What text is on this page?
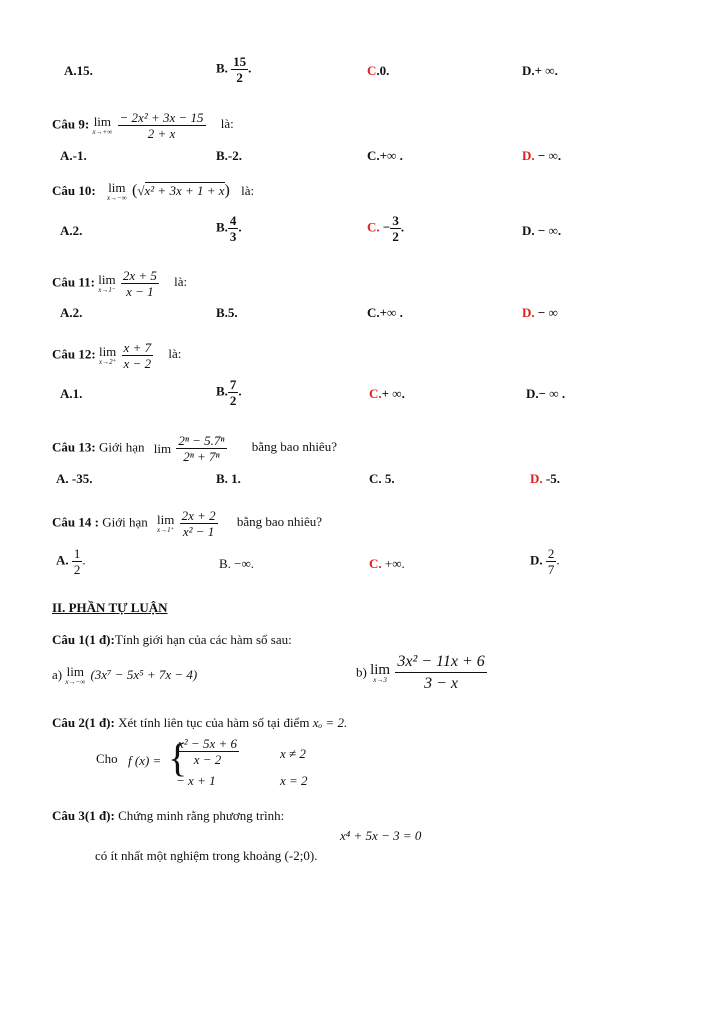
A.15.	B. $\frac{15}{2}$ .	C.0.	D.+ ∞.
Câu 9: lim
x→+∞
$\frac{\text{− 2x² + 3x − 15}}{2 + x}$ là:
A.-1.	B.-2.	C.+∞ .	D. − ∞.
Câu 10: lim
x→−∞ (√x² + 3x + 1 + x) là:
A.2.	B. $\frac{4}{3}$ .	C. − $\frac{3}{2}$ .	D. − ∞.
Câu 11: lim
x→1⁻
$\frac{2x + 5}{x - 1}$ là:
A.2.	B.5.	C.+∞ .	D. − ∞
Câu 12: lim
x→2⁺
$\frac{x + 7}{x - 2}$ là:
A.1.	B. $\frac{7}{2}$ .	C.+ ∞.	D.− ∞ .
Câu 13: Giới hạn $\lim \frac{\text{2ⁿ − 5.7ⁿ}}{\text{2ⁿ + 7ⁿ}}$ bằng bao nhiêu?
A. -35.	B. 1.	C. 5.	D. -5.
Câu 14 : Giới hạn lim
x→1⁺
$\frac{2x + 2}{\text{x² − 1}}$ bằng bao nhiêu?
A. $\frac{1}{2}$ .	B. −∞.	C. +∞.	D. $\frac{2}{7}$ .
II. PHẦN TỰ LUẬN
Câu 1(1 đ):Tính giới hạn của các hàm số sau:
a) lim
x→−∞
(3x⁷ − 5x⁵ + 7x − 4)	b) lim
x→3
$\frac{\text{3x² − 11x + 6}}{3 - x}$
Câu 2(1 đ): Xét tính liên tục của hàm số tại điểm xₒ = 2.
Cho f (x) = {
$\frac{\text{x² − 5x + 6}}{x - 2}$	x ≠ 2
− x + 1	x = 2
Câu 3(1 đ): Chứng minh rằng phương trình:
x⁴ + 5x − 3 = 0
có ít nhất một nghiệm trong khoảng (-2;0).
